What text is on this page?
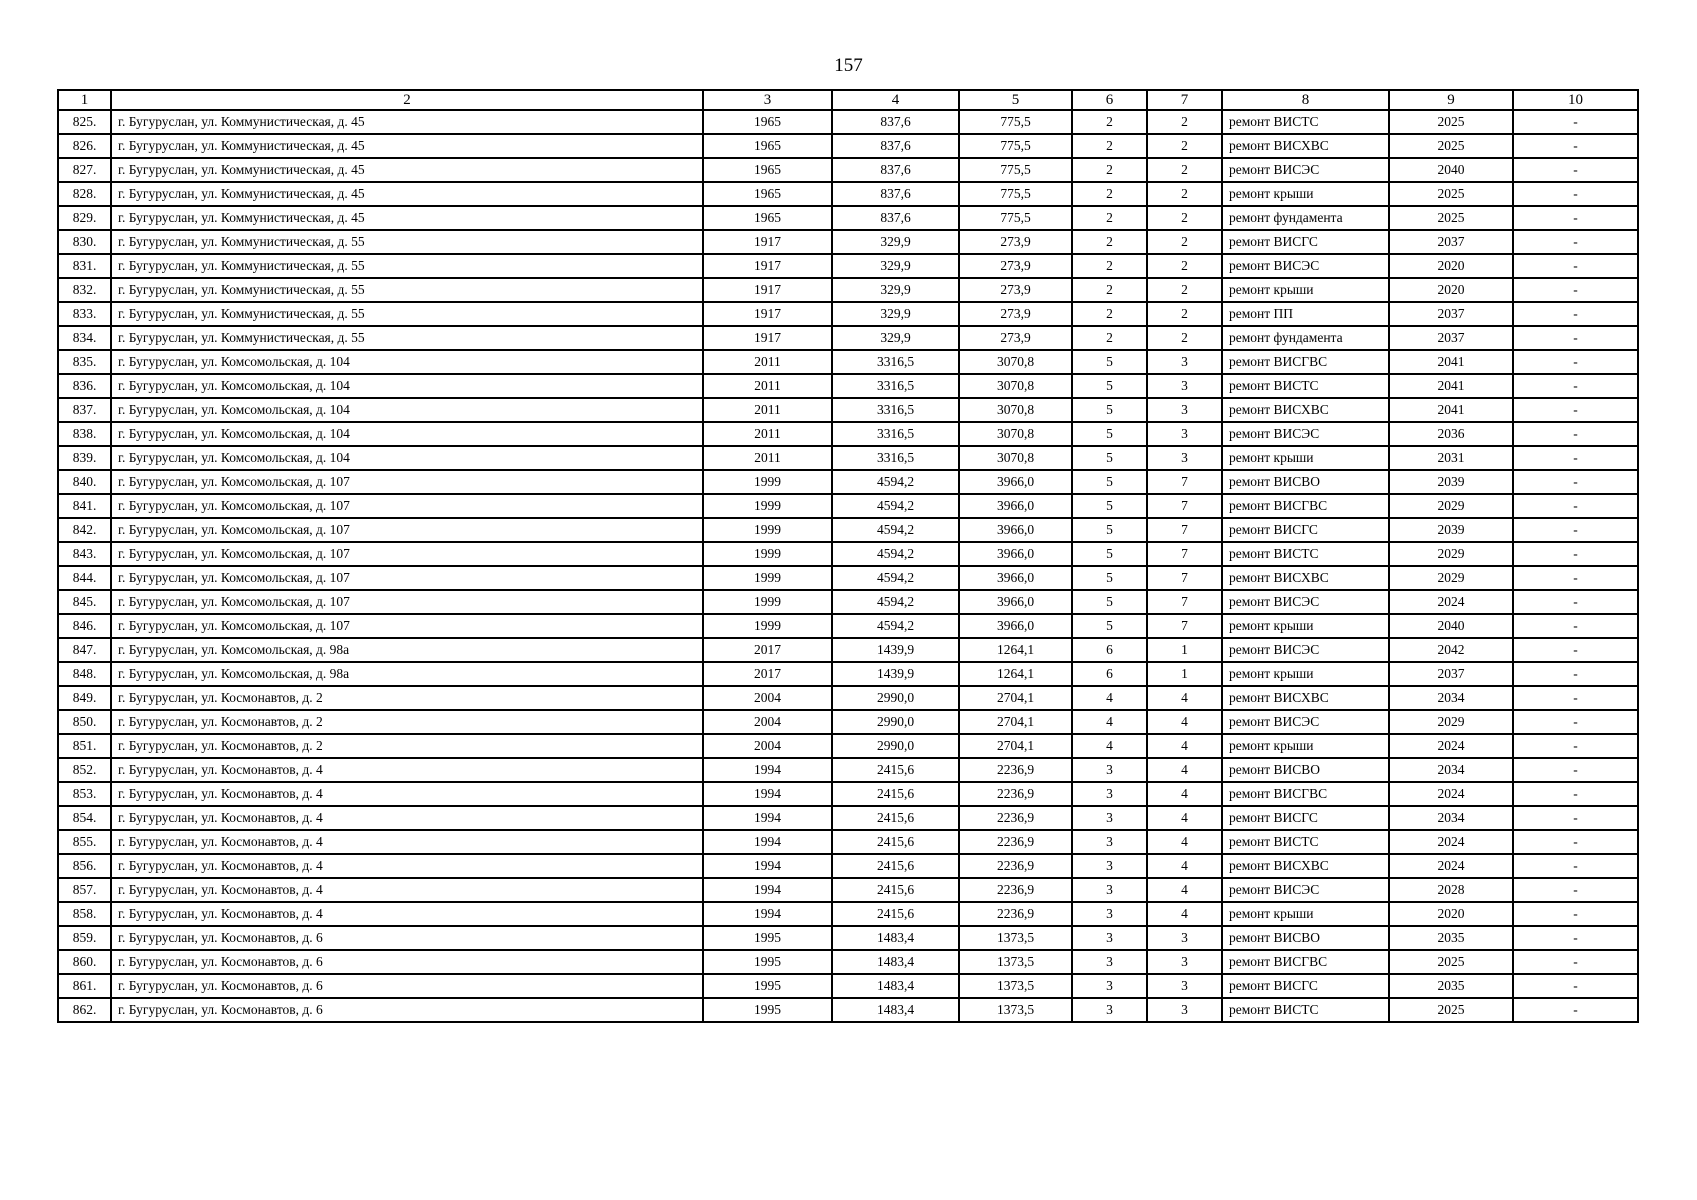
157
1	2	3	4	5	6	7	8	9	10
825.	г. Бугуруслан, ул. Коммунистическая, д. 45	1965	837,6	775,5	2	2	ремонт ВИСТС	2025	-
826.	г. Бугуруслан, ул. Коммунистическая, д. 45	1965	837,6	775,5	2	2	ремонт ВИСХВС	2025	-
827.	г. Бугуруслан, ул. Коммунистическая, д. 45	1965	837,6	775,5	2	2	ремонт ВИСЭС	2040	-
828.	г. Бугуруслан, ул. Коммунистическая, д. 45	1965	837,6	775,5	2	2	ремонт крыши	2025	-
829.	г. Бугуруслан, ул. Коммунистическая, д. 45	1965	837,6	775,5	2	2	ремонт фундамента	2025	-
830.	г. Бугуруслан, ул. Коммунистическая, д. 55	1917	329,9	273,9	2	2	ремонт ВИСГС	2037	-
831.	г. Бугуруслан, ул. Коммунистическая, д. 55	1917	329,9	273,9	2	2	ремонт ВИСЭС	2020	-
832.	г. Бугуруслан, ул. Коммунистическая, д. 55	1917	329,9	273,9	2	2	ремонт крыши	2020	-
833.	г. Бугуруслан, ул. Коммунистическая, д. 55	1917	329,9	273,9	2	2	ремонт ПП	2037	-
834.	г. Бугуруслан, ул. Коммунистическая, д. 55	1917	329,9	273,9	2	2	ремонт фундамента	2037	-
835.	г. Бугуруслан, ул. Комсомольская, д. 104	2011	3316,5	3070,8	5	3	ремонт ВИСГВС	2041	-
836.	г. Бугуруслан, ул. Комсомольская, д. 104	2011	3316,5	3070,8	5	3	ремонт ВИСТС	2041	-
837.	г. Бугуруслан, ул. Комсомольская, д. 104	2011	3316,5	3070,8	5	3	ремонт ВИСХВС	2041	-
838.	г. Бугуруслан, ул. Комсомольская, д. 104	2011	3316,5	3070,8	5	3	ремонт ВИСЭС	2036	-
839.	г. Бугуруслан, ул. Комсомольская, д. 104	2011	3316,5	3070,8	5	3	ремонт крыши	2031	-
840.	г. Бугуруслан, ул. Комсомольская, д. 107	1999	4594,2	3966,0	5	7	ремонт ВИСВО	2039	-
841.	г. Бугуруслан, ул. Комсомольская, д. 107	1999	4594,2	3966,0	5	7	ремонт ВИСГВС	2029	-
842.	г. Бугуруслан, ул. Комсомольская, д. 107	1999	4594,2	3966,0	5	7	ремонт ВИСГС	2039	-
843.	г. Бугуруслан, ул. Комсомольская, д. 107	1999	4594,2	3966,0	5	7	ремонт ВИСТС	2029	-
844.	г. Бугуруслан, ул. Комсомольская, д. 107	1999	4594,2	3966,0	5	7	ремонт ВИСХВС	2029	-
845.	г. Бугуруслан, ул. Комсомольская, д. 107	1999	4594,2	3966,0	5	7	ремонт ВИСЭС	2024	-
846.	г. Бугуруслан, ул. Комсомольская, д. 107	1999	4594,2	3966,0	5	7	ремонт крыши	2040	-
847.	г. Бугуруслан, ул. Комсомольская, д. 98а	2017	1439,9	1264,1	6	1	ремонт ВИСЭС	2042	-
848.	г. Бугуруслан, ул. Комсомольская, д. 98а	2017	1439,9	1264,1	6	1	ремонт крыши	2037	-
849.	г. Бугуруслан, ул. Космонавтов, д. 2	2004	2990,0	2704,1	4	4	ремонт ВИСХВС	2034	-
850.	г. Бугуруслан, ул. Космонавтов, д. 2	2004	2990,0	2704,1	4	4	ремонт ВИСЭС	2029	-
851.	г. Бугуруслан, ул. Космонавтов, д. 2	2004	2990,0	2704,1	4	4	ремонт крыши	2024	-
852.	г. Бугуруслан, ул. Космонавтов, д. 4	1994	2415,6	2236,9	3	4	ремонт ВИСВО	2034	-
853.	г. Бугуруслан, ул. Космонавтов, д. 4	1994	2415,6	2236,9	3	4	ремонт ВИСГВС	2024	-
854.	г. Бугуруслан, ул. Космонавтов, д. 4	1994	2415,6	2236,9	3	4	ремонт ВИСГС	2034	-
855.	г. Бугуруслан, ул. Космонавтов, д. 4	1994	2415,6	2236,9	3	4	ремонт ВИСТС	2024	-
856.	г. Бугуруслан, ул. Космонавтов, д. 4	1994	2415,6	2236,9	3	4	ремонт ВИСХВС	2024	-
857.	г. Бугуруслан, ул. Космонавтов, д. 4	1994	2415,6	2236,9	3	4	ремонт ВИСЭС	2028	-
858.	г. Бугуруслан, ул. Космонавтов, д. 4	1994	2415,6	2236,9	3	4	ремонт крыши	2020	-
859.	г. Бугуруслан, ул. Космонавтов, д. 6	1995	1483,4	1373,5	3	3	ремонт ВИСВО	2035	-
860.	г. Бугуруслан, ул. Космонавтов, д. 6	1995	1483,4	1373,5	3	3	ремонт ВИСГВС	2025	-
861.	г. Бугуруслан, ул. Космонавтов, д. 6	1995	1483,4	1373,5	3	3	ремонт ВИСГС	2035	-
862.	г. Бугуруслан, ул. Космонавтов, д. 6	1995	1483,4	1373,5	3	3	ремонт ВИСТС	2025	-
